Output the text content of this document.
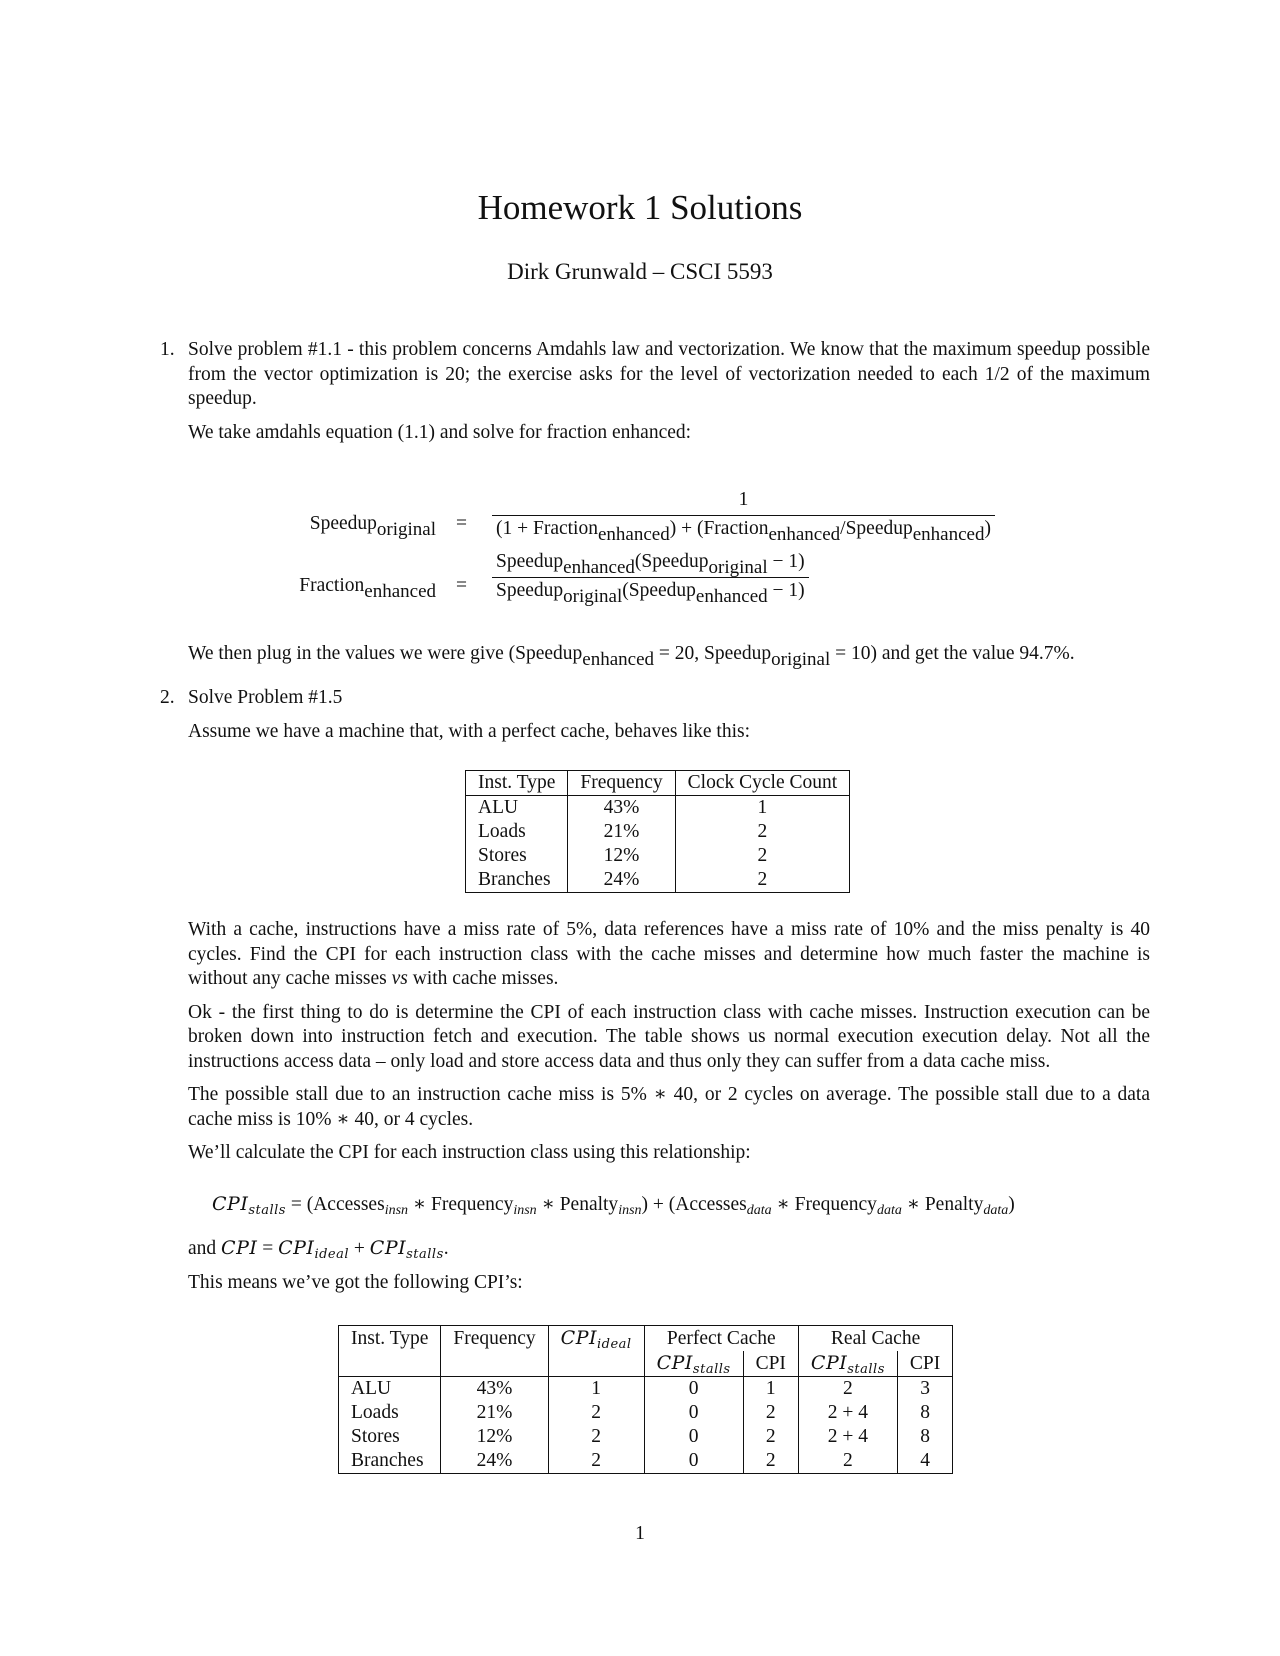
Homework 1 Solutions
Dirk Grunwald – CSCI 5593
1. Solve problem #1.1 - this problem concerns Amdahls law and vectorization. We know that the maximum speedup possible from the vector optimization is 20; the exercise asks for the level of vectorization needed to each 1/2 of the maximum speedup.

We take amdahls equation (1.1) and solve for fraction enhanced:

Speedup$_{original}$ =
1
(1 + Fraction$_{enhanced}$) + (Fraction$_{enhanced}$/Speedup$_{enhanced}$)
Fraction$_{enhanced}$ =
Speedup$_{enhanced}$(Speedup$_{original}$ − 1)
Speedup$_{original}$(Speedup$_{enhanced}$ − 1)

We then plug in the values we were give (Speedup$_{enhanced}$ = 20, Speedup$_{original}$ = 10) and get the value 94.7%.

2. Solve Problem #1.5

Assume we have a machine that, with a perfect cache, behaves like this:

Inst. Type	Frequency	Clock Cycle Count
ALU	43%	1
Loads	21%	2
Stores	12%	2
Branches	24%	2

With a cache, instructions have a miss rate of 5%, data references have a miss rate of 10% and the miss penalty is 40 cycles. Find the CPI for each instruction class with the cache misses and determine how much faster the machine is without any cache misses vs with cache misses.

Ok - the first thing to do is determine the CPI of each instruction class with cache misses. Instruction execution can be broken down into instruction fetch and execution. The table shows us normal execution execution delay. Not all the instructions access data – only load and store access data and thus only they can suffer from a data cache miss.

The possible stall due to an instruction cache miss is 5% ∗ 40, or 2 cycles on average. The possible stall due to a data cache miss is 10% ∗ 40, or 4 cycles.

We’ll calculate the CPI for each instruction class using this relationship:

$CPI_{stalls}$ = (Accesses$_{insn}$ ∗ Frequency$_{insn}$ ∗ Penalty$_{insn}$) + (Accesses$_{data}$ ∗ Frequency$_{data}$ ∗ Penalty$_{data}$)

and CPI = $CPI_{ideal} + CPI_{stalls}$.

This means we’ve got the following CPI’s:

Inst. Type	Frequency	$CPI_{ideal}$	Perfect Cache		Real Cache	
			$CPI_{stalls}$	CPI	$CPI_{stalls}$	CPI
ALU	43%	1	0	1	2	3
Loads	21%	2	0	2	2 + 4	8
Stores	12%	2	0	2	2 + 4	8
Branches	24%	2	0	2	2	4
1
